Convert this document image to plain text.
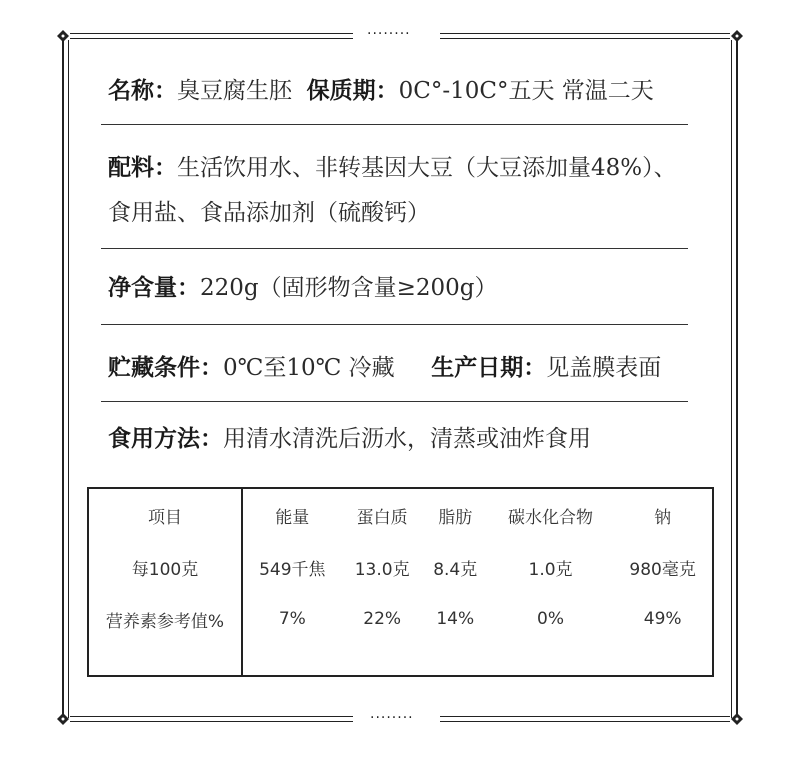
........
........
名称：臭豆腐生胚 保质期：0C°-10C°五天 常温二天
配料：生活饮用水、非转基因大豆（大豆添加量48%）、
食用盐、食品添加剂（硫酸钙）
净含量：220g（固形物含量≥200g）
贮藏条件：0℃至10℃ 冷藏 生产日期：见盖膜表面
食用方法：用清水清洗后沥水，清蒸或油炸食用
项目	能量	蛋白质	脂肪	碳水化合物	钠
每100克	549千焦	13.0克	8.4克	1.0克	980毫克
营养素参考值%	7%	22%	14%	0%	49%
